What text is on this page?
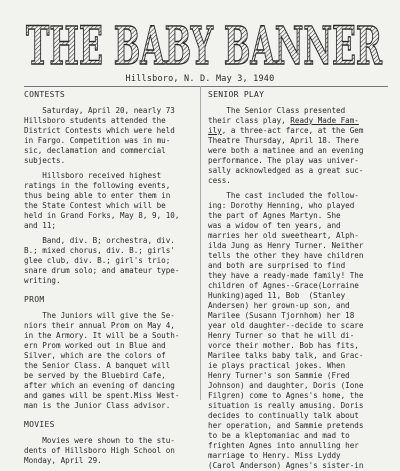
THE BABY BANNER
Hillsboro, N. D. May 3, 1940
CONTESTS

Saturday, April 20, nearly 73
Hillsboro students attended the
District Contests which were held
in Fargo. Competition was in mu-
sic, declamation and commercial
subjects.

Hillsboro received highest
ratings in the following events,
thus being able to enter them in
the State Contest which will be
held in Grand Forks, May 8, 9, 10,
and 11;

Band, div. B; orchestra, div.
B.; mixed chorus, div. B.; girls'
glee club, div. B.; girl's trio;
snare drum solo; and amateur type-
writing.

PROM

The Juniors will give the Se-
niors their annual Prom on May 4,
in the Armory. It will be a South-
ern Prom worked out in Blue and
Silver, which are the colors of
the Senior Class. A banquet will
be served by the Bluebird Cafe,
after which an evening of dancing
and games will be spent.Miss West-
man is the Junior Class advisor.

MOVIES

Movies were shown to the stu-
dents of Hillsboro High School on
Monday, April 29.

SENIOR PLAY

The Senior Class presented
their class play, Ready Made Fam-
ily, a three-act farce, at the Gem
Theatre Thursday, April 18. There
were both a matinee and an evening
performance. The play was univer-
sally acknowledged as a great suc-
cess.

The cast included the follow-
ing: Dorothy Henning, who played
the part of Agnes Martyn. She
was a widow of ten years, and
marries her old sweetheart, Alph-
ilda Jung as Henry Turner. Neither
tells the other they have children
and both are surprised to find
they have a ready-made family! The
children of Agnes--Grace(Lorraine
Hunking)aged 11, Bob  (Stanley
Andersen) her grown-up son, and
Marilee (Susann Tjornhom) her 18
year old daughter--decide to scare
Henry Turner so that he will di-
vorce their mother. Bob has fits,
Marilee talks baby talk, and Grac-
ie plays practical jokes. When
Henry Turner's son Sammie (Fred
Johnson) and daughter, Doris (Ione
Filgren) come to Agnes's home, the
situation is really amusing. Doris
decides to continually talk about
her operation, and Sammie pretends
to be a kleptomaniac and mad to
frighten Agnes into annulling her
marriage to Henry. Miss Lyddy
(Carol Anderson) Agnes's sister-in
